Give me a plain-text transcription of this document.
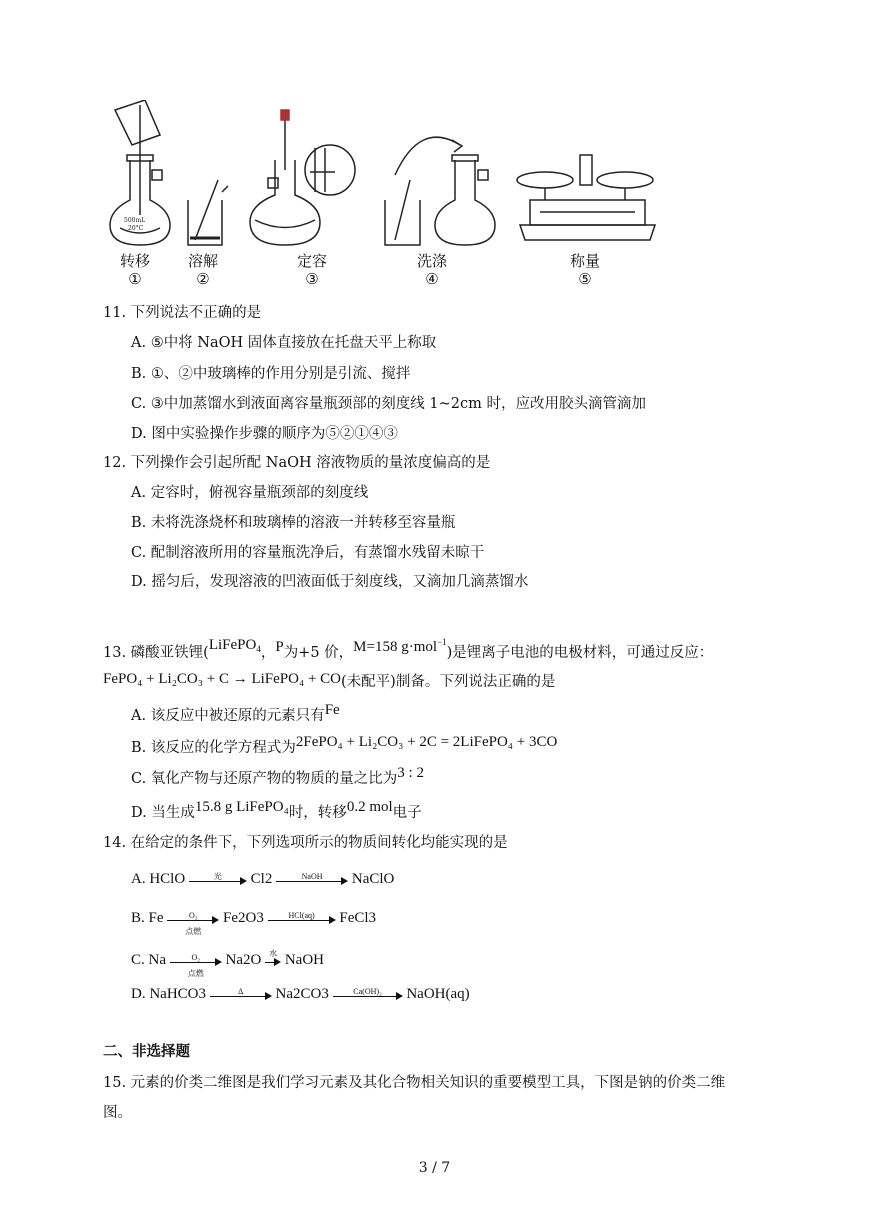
500mL
20°C
转移
①
溶解
②
定容
③
洗涤
④
称量
⑤
11. 下列说法不正确的是
A. ⑤中将 NaOH 固体直接放在托盘天平上称取
B. ①、②中玻璃棒的作用分别是引流、搅拌
C. ③中加蒸馏水到液面离容量瓶颈部的刻度线 1~2cm 时，应改用胶头滴管滴加
D. 图中实验操作步骤的顺序为⑤②①④③
12. 下列操作会引起所配 NaOH 溶液物质的量浓度偏高的是
A. 定容时，俯视容量瓶颈部的刻度线
B. 未将洗涤烧杯和玻璃棒的溶液一并转移至容量瓶
C. 配制溶液所用的容量瓶洗净后，有蒸馏水残留未晾干
D. 摇匀后，发现溶液的凹液面低于刻度线，又滴加几滴蒸馏水
13. 磷酸亚铁锂(LiFePO$_4$，P为+5 价，M=158 g·mol$^{-1}$)是锂离子电池的电极材料，可通过反应：
FePO₄ + Li₂CO₃ + C → LiFePO₄ + CO(未配平)制备。下列说法正确的是
A. 该反应中被还原的元素只有Fe
B. 该反应的化学方程式为2FePO₄ + Li₂CO₃ + 2C = 2LiFePO₄ + 3CO
C. 氧化产物与还原产物的物质的量之比为3 : 2
D. 当生成15.8 g LiFePO₄时，转移0.2 mol电子
14. 在给定的条件下，下列选项所示的物质间转化均能实现的是
A. HClO	光	Cl2	NaOH	NaClO
B. Fe	O₂
点燃
Fe2O3	HCl(aq)	FeCl3
C. Na	O₂
点燃
Na2O 水 NaOH
D. NaHCO3	Δ	Na2CO3	Ca(OH)₂	NaOH(aq)
二、非选择题
15. 元素的价类二维图是我们学习元素及其化合物相关知识的重要模型工具，下图是钠的价类二维
图。
3 / 7
